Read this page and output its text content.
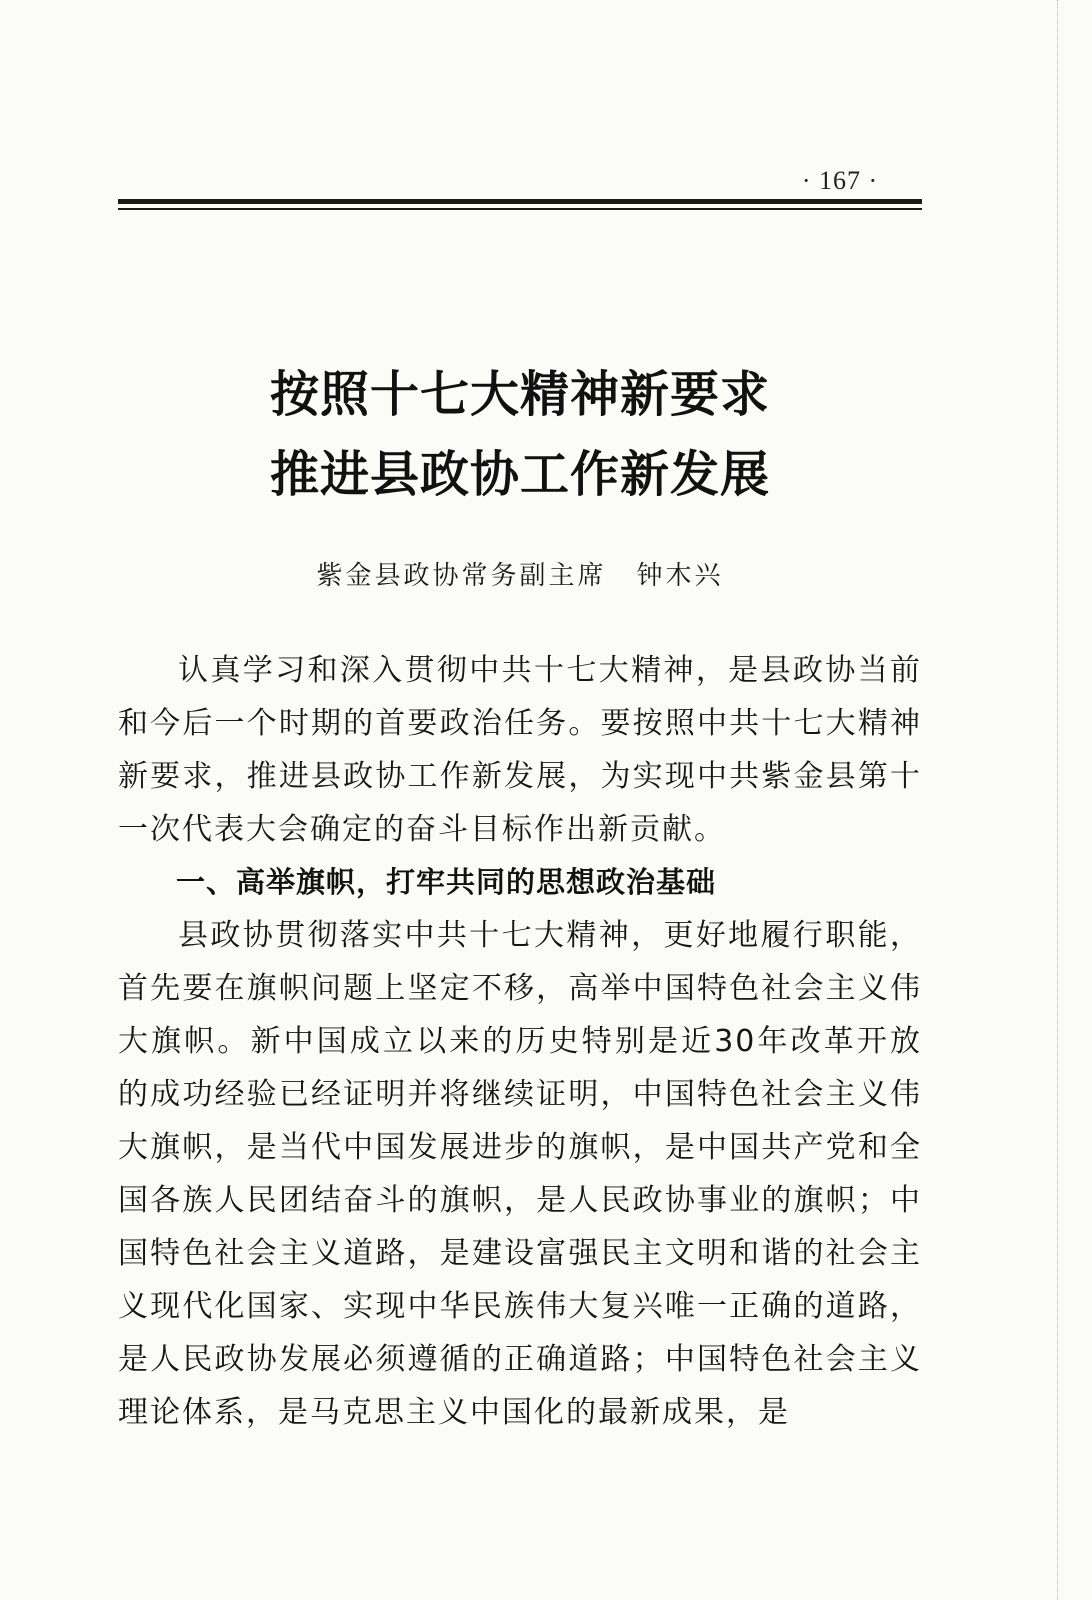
· 167 ·
按照十七大精神新要求
推进县政协工作新发展
紫金县政协常务副主席 钟木兴

认真学习和深入贯彻中共十七大精神，是县政协当前和今后一个时期的首要政治任务。要按照中共十七大精神新要求，推进县政协工作新发展，为实现中共紫金县第十一次代表大会确定的奋斗目标作出新贡献。

一、高举旗帜，打牢共同的思想政治基础

县政协贯彻落实中共十七大精神，更好地履行职能，首先要在旗帜问题上坚定不移，高举中国特色社会主义伟大旗帜。新中国成立以来的历史特别是近30年改革开放的成功经验已经证明并将继续证明，中国特色社会主义伟大旗帜，是当代中国发展进步的旗帜，是中国共产党和全国各族人民团结奋斗的旗帜，是人民政协事业的旗帜；中国特色社会主义道路，是建设富强民主文明和谐的社会主义现代化国家、实现中华民族伟大复兴唯一正确的道路，是人民政协发展必须遵循的正确道路；中国特色社会主义理论体系，是马克思主义中国化的最新成果，是
